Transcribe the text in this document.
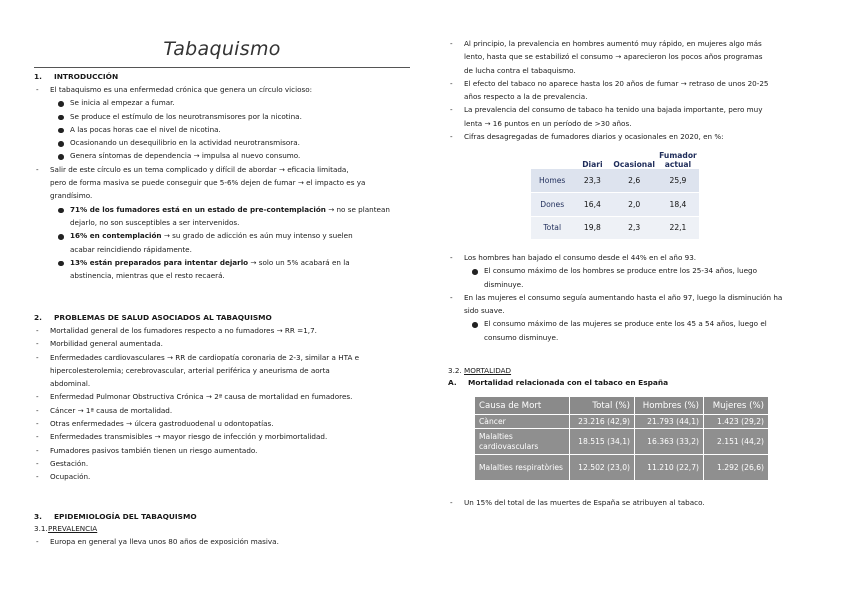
Tabaquismo
1.	INTRODUCCIÓN
- El tabaquismo es una enfermedad crónica que genera un círculo vicioso:
Se inicia al empezar a fumar.
Se produce el estímulo de los neurotransmisores por la nicotina.
A las pocas horas cae el nivel de nicotina.
Ocasionando un desequilibrio en la actividad neurotransmisora.
Genera síntomas de dependencia → impulsa al nuevo consumo.
- Salir de este círculo es un tema complicado y difícil de abordar → eficacia limitada,
pero de forma masiva se puede conseguir que 5-6% dejen de fumar → el impacto es ya
grandísimo.
71% de los fumadores está en un estado de pre-contemplación → no se plantean
dejarlo, no son susceptibles a ser intervenidos.
16% en contemplación → su grado de adicción es aún muy intenso y suelen
acabar reincidiendo rápidamente.
13% están preparados para intentar dejarlo → solo un 5% acabará en la
abstinencia, mientras que el resto recaerá.
2.	PROBLEMAS DE SALUD ASOCIADOS AL TABAQUISMO
- Mortalidad general de los fumadores respecto a no fumadores → RR =1,7.
- Morbilidad general aumentada.
- Enfermedades cardiovasculares → RR de cardiopatía coronaria de 2-3, similar a HTA e
hipercolesterolemia; cerebrovascular, arterial periférica y aneurisma de aorta
abdominal.
- Enfermedad Pulmonar Obstructiva Crónica → 2ª causa de mortalidad en fumadores.
- Cáncer → 1ª causa de mortalidad.
- Otras enfermedades → úlcera gastroduodenal u odontopatías.
- Enfermedades transmisibles → mayor riesgo de infección y morbimortalidad.
- Fumadores pasivos también tienen un riesgo aumentado.
- Gestación.
- Ocupación.
3.	EPIDEMIOLOGÍA DEL TABAQUISMO
3.1. PREVALENCIA
- Europa en general ya lleva unos 80 años de exposición masiva.
- Al principio, la prevalencia en hombres aumentó muy rápido, en mujeres algo más
lento, hasta que se estabilizó el consumo → aparecieron los pocos años programas
de lucha contra el tabaquismo.
- El efecto del tabaco no aparece hasta los 20 años de fumar → retraso de unos 20-25
años respecto a la de prevalencia.
- La prevalencia del consumo de tabaco ha tenido una bajada importante, pero muy
lenta → 16 puntos en un período de >30 años.
- Cifras desagregadas de fumadores diarios y ocasionales en 2020, en %:
	Diari	Ocasional	Fumador actual
Homes	23,3	2,6	25,9
Dones	16,4	2,0	18,4
Total	19,8	2,3	22,1
- Los hombres han bajado el consumo desde el 44% en el año 93.
El consumo máximo de los hombres se produce entre los 25-34 años, luego
disminuye.
- En las mujeres el consumo seguía aumentando hasta el año 97, luego la disminución ha
sido suave.
El consumo máximo de las mujeres se produce ente los 45 a 54 años, luego el
consumo disminuye.
3.2. MORTALIDAD
A.	Mortalidad relacionada con el tabaco en España
Causa de Mort	Total (%)	Hombres (%)	Mujeres (%)
Càncer	23.216 (42,9)	21.793 (44,1)	1.423 (29,2)
Malalties cardiovasculars	18.515 (34,1)	16.363 (33,2)	2.151 (44,2)
Malalties respiratòries	12.502 (23,0)	11.210 (22,7)	1.292 (26,6)
- Un 15% del total de las muertes de España se atribuyen al tabaco.
